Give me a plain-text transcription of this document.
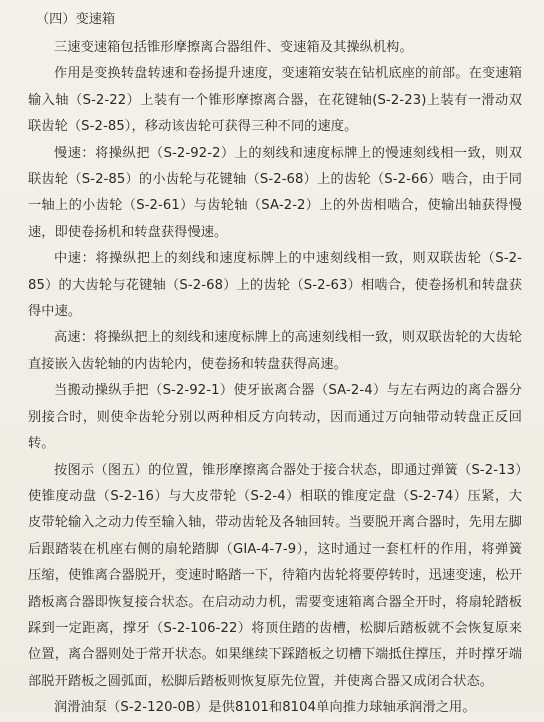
（四）变速箱

三速变速箱包括锥形摩擦离合器组件、变速箱及其操纵机构。

作用是变换转盘转速和卷扬提升速度，变速箱安装在钻机底座的前部。在变速箱输入轴（S-2-22）上装有一个锥形摩擦离合器，在花键轴(S-2-23)上装有一滑动双联齿轮（S-2-85），移动该齿轮可获得三种不同的速度。

慢速：将操纵把（S-2-92-2）上的刻线和速度标牌上的慢速刻线相一致，则双联齿轮（S-2-85）的小齿轮与花键轴（S-2-68）上的齿轮（S-2-66）啮合，由于同一轴上的小齿轮（S-2-61）与齿轮轴（SA-2-2）上的外齿相啮合，使输出轴获得慢速，即使卷扬机和转盘获得慢速。

中速：将操纵把上的刻线和速度标牌上的中速刻线相一致，则双联齿轮（S-2-85）的大齿轮与花键轴（S-2-68）上的齿轮（S-2-63）相啮合，使卷扬机和转盘获得中速。

高速：将操纵把上的刻线和速度标牌上的高速刻线相一致，则双联齿轮的大齿轮直接嵌入齿轮轴的内齿轮内，使卷扬和转盘获得高速。

当搬动操纵手把（S-2-92-1）使牙嵌离合器（SA-2-4）与左右两边的离合器分别接合时，则使伞齿轮分别以两种相反方向转动，因而通过万向轴带动转盘正反回转。

按图示（图五）的位置，锥形摩擦离合器处于接合状态，即通过弹簧（S-2-13）使锥度动盘（S-2-16）与大皮带轮（S-2-4）相联的锥度定盘（S-2-74）压紧，大皮带轮输入之动力传至输入轴，带动齿轮及各轴回转。当要脱开离合器时，先用左脚后跟踏装在机座右侧的扇轮踏脚（GIA-4-7-9），这时通过一套杠杆的作用，将弹簧压缩，使锥离合器脱开，变速时略踏一下，待箱内齿轮将要停转时，迅速变速，松开踏板离合器即恢复接合状态。在启动动力机，需要变速箱离合器全开时，将扇轮踏板踩到一定距离，撑牙（S-2-106-22）将顶住踏的齿槽，松脚后踏板就不会恢复原来位置，离合器则处于常开状态。如果继续下踩踏板之切槽下端抵住撑压，并时撑牙端部脱开踏板之圆弧面，松脚后踏板则恢复原先位置，并使离合器又成闭合状态。

润滑油泵（S-2-120-0B）是供8101和8104单向推力球轴承润滑之用。
